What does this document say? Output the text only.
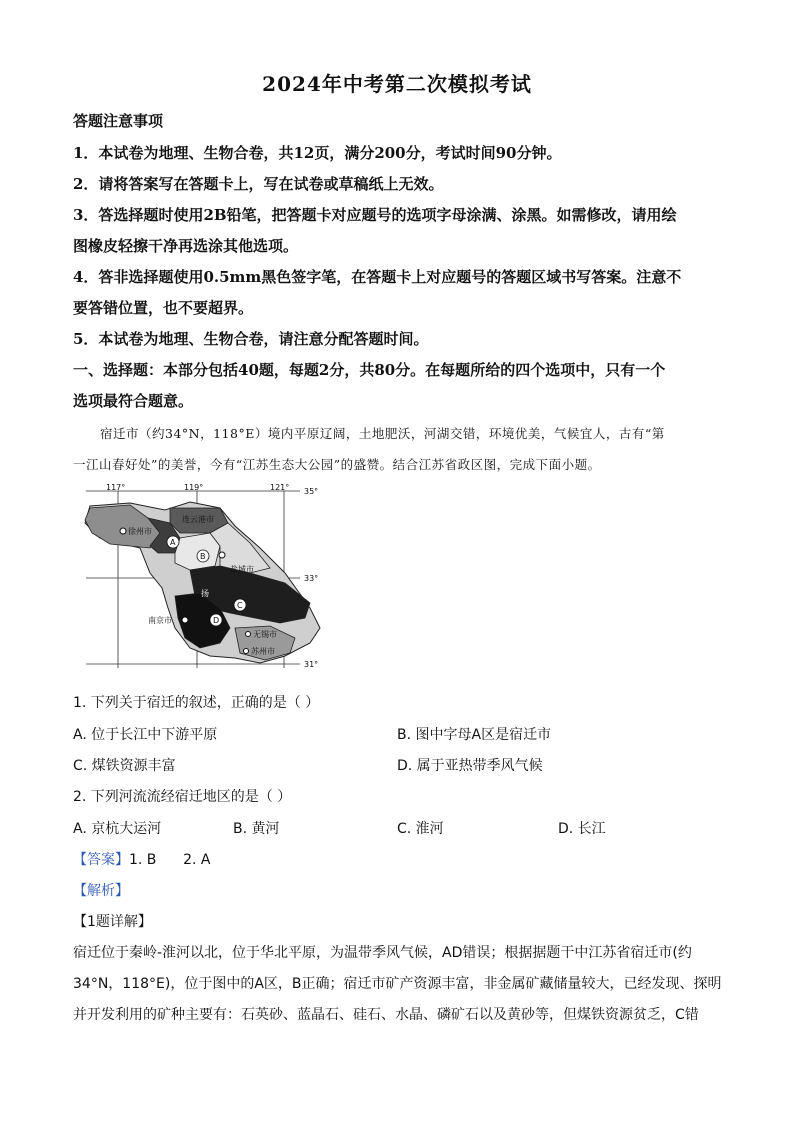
2024年中考第二次模拟考试
答题注意事项
1．本试卷为地理、生物合卷，共12页，满分200分，考试时间90分钟。
2．请将答案写在答题卡上，写在试卷或草稿纸上无效。
3．答选择题时使用2B铅笔，把答题卡对应题号的选项字母涂满、涂黑。如需修改，请用绘
图橡皮轻擦干净再选涂其他选项。
4．答非选择题使用0.5mm黑色签字笔，在答题卡上对应题号的答题区域书写答案。注意不
要答错位置，也不要超界。
5．本试卷为地理、生物合卷，请注意分配答题时间。
一、选择题：本部分包括40题，每题2分，共80分。在每题所给的四个选项中，只有一个
选项最符合题意。
宿迁市（约34°N，118°E）境内平原辽阔，土地肥沃，河湖交错，环境优美，气候宜人，古有“第
一江山春好处”的美誉，今有“江苏生态大公园”的盛赞。结合江苏省政区图，完成下面小题。
A
B
C
D
117°	119°	121° 35°
33°
31°
徐州市
连云港市
盐城市
扬
南京市
无锡市
苏州市
1. 下列关于宿迁的叙述，正确的是（ ）
A. 位于长江中下游平原	B. 图中字母A区是宿迁市
C. 煤铁资源丰富	D. 属于亚热带季风气候
2. 下列河流流经宿迁地区的是（ ）
A. 京杭大运河	B. 黄河	C. 淮河	D. 长江
【答案】1. B      2. A
【解析】
【1题详解】
宿迁位于秦岭-淮河以北，位于华北平原，为温带季风气候，AD错误；根据据题干中江苏省宿迁市(约
34°N，118°E)，位于图中的A区，B正确；宿迁市矿产资源丰富，非金属矿藏储量较大，已经发现、探明
并开发利用的矿种主要有：石英砂、蓝晶石、硅石、水晶、磷矿石以及黄砂等，但煤铁资源贫乏，C错
